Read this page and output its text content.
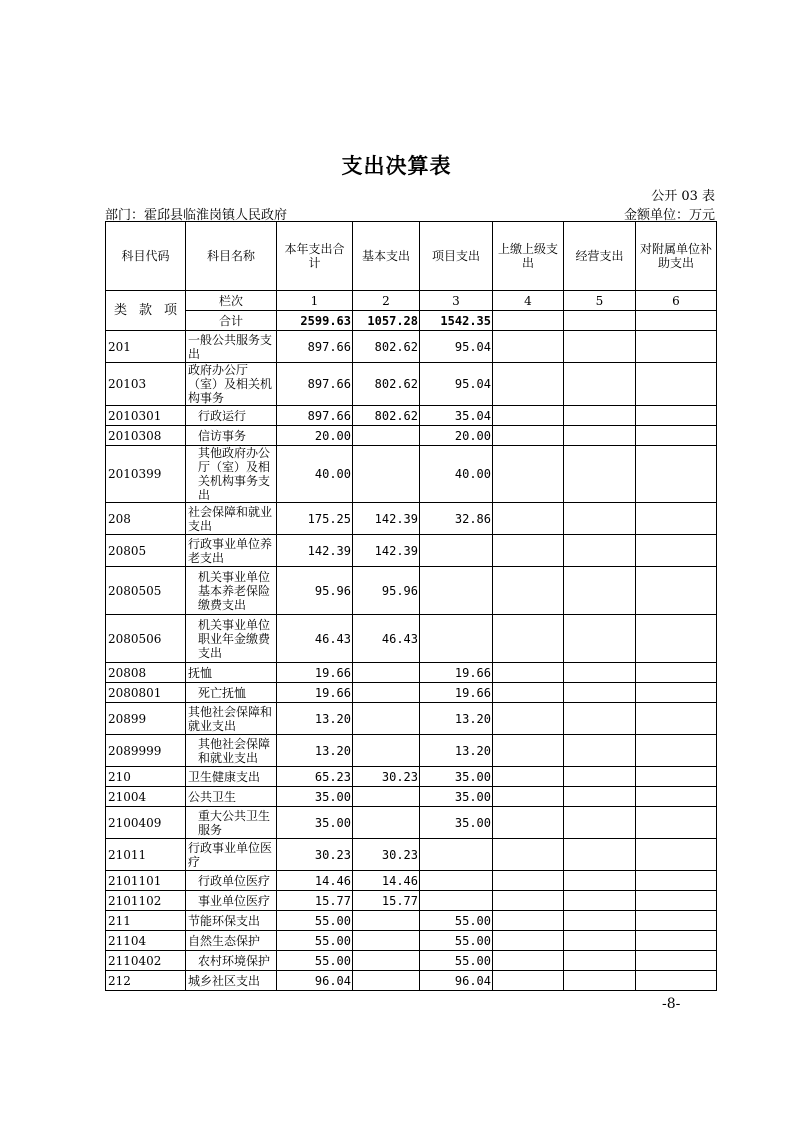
支出决算表
公开 03 表
部门：霍邱县临淮岗镇人民政府	金额单位：万元
科目代码	科目名称	本年支出合计	基本支出	项目支出	上缴上级支出	经营支出	对附属单位补助支出

类 款 项	栏次	1	2	3	4	5	6
	合计	2599.63	1057.28	1542.35			
201	一般公共服务支出	897.66	802.62	95.04			
20103	政府办公厅（室）及相关机构事务	897.66	802.62	95.04			
2010301	行政运行	897.66	802.62	35.04			
2010308	信访事务	20.00		20.00			
2010399	其他政府办公厅（室）及相关机构事务支出	40.00		40.00			
208	社会保障和就业支出	175.25	142.39	32.86			
20805	行政事业单位养老支出	142.39	142.39				
2080505	机关事业单位基本养老保险缴费支出	95.96	95.96				
2080506	机关事业单位职业年金缴费支出	46.43	46.43				
20808	抚恤	19.66		19.66			
2080801	死亡抚恤	19.66		19.66			
20899	其他社会保障和就业支出	13.20		13.20			
2089999	其他社会保障和就业支出	13.20		13.20			
210	卫生健康支出	65.23	30.23	35.00			
21004	公共卫生	35.00		35.00			
2100409	重大公共卫生服务	35.00		35.00			
21011	行政事业单位医疗	30.23	30.23				
2101101	行政单位医疗	14.46	14.46				
2101102	事业单位医疗	15.77	15.77				
211	节能环保支出	55.00		55.00			
21104	自然生态保护	55.00		55.00			
2110402	农村环境保护	55.00		55.00			
212	城乡社区支出	96.04		96.04			
-8-
